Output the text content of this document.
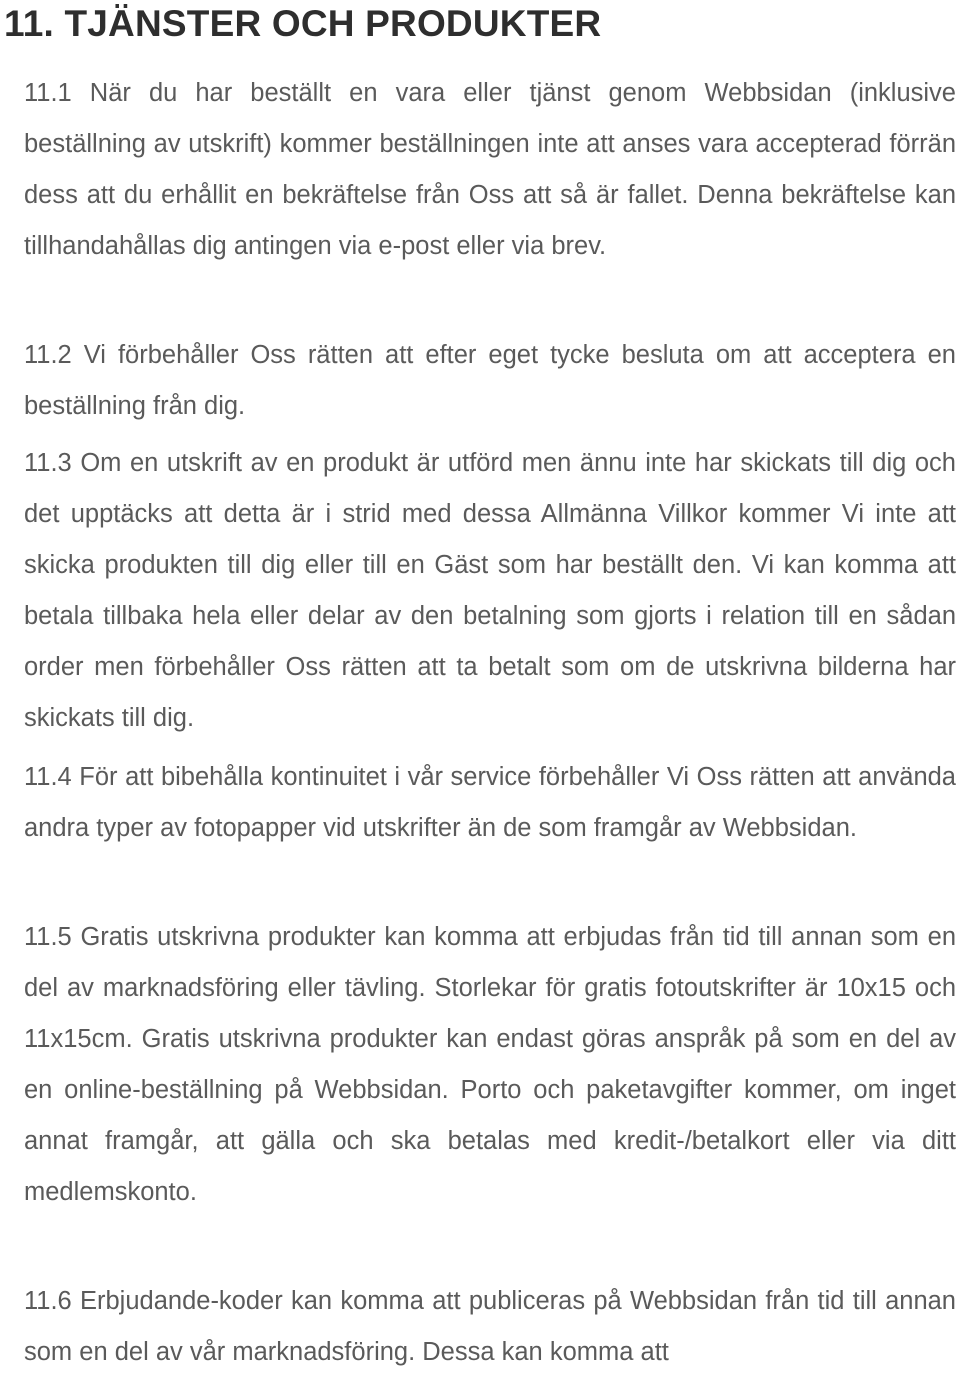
11. TJÄNSTER OCH PRODUKTER

11.1 När du har beställt en vara eller tjänst genom Webbsidan (inklusive beställning av utskrift) kommer beställningen inte att anses vara accepterad förrän dess att du erhållit en bekräftelse från Oss att så är fallet. Denna bekräftelse kan tillhandahållas dig antingen via e-post eller via brev.

11.2 Vi förbehåller Oss rätten att efter eget tycke besluta om att acceptera en beställning från dig.

11.3 Om en utskrift av en produkt är utförd men ännu inte har skickats till dig och det upptäcks att detta är i strid med dessa Allmänna Villkor kommer Vi inte att skicka produkten till dig eller till en Gäst som har beställt den. Vi kan komma att betala tillbaka hela eller delar av den betalning som gjorts i relation till en sådan order men förbehåller Oss rätten att ta betalt som om de utskrivna bilderna har skickats till dig.

11.4 För att bibehålla kontinuitet i vår service förbehåller Vi Oss rätten att använda andra typer av fotopapper vid utskrifter än de som framgår av Webbsidan.

11.5 Gratis utskrivna produkter kan komma att erbjudas från tid till annan som en del av marknadsföring eller tävling. Storlekar för gratis fotoutskrifter är 10x15 och 11x15cm. Gratis utskrivna produkter kan endast göras anspråk på som en del av en online-beställning på Webbsidan. Porto och paketavgifter kommer, om inget annat framgår, att gälla och ska betalas med kredit-/betalkort eller via ditt medlemskonto.

11.6 Erbjudande-koder kan komma att publiceras på Webbsidan från tid till annan som en del av vår marknadsföring. Dessa kan komma att
